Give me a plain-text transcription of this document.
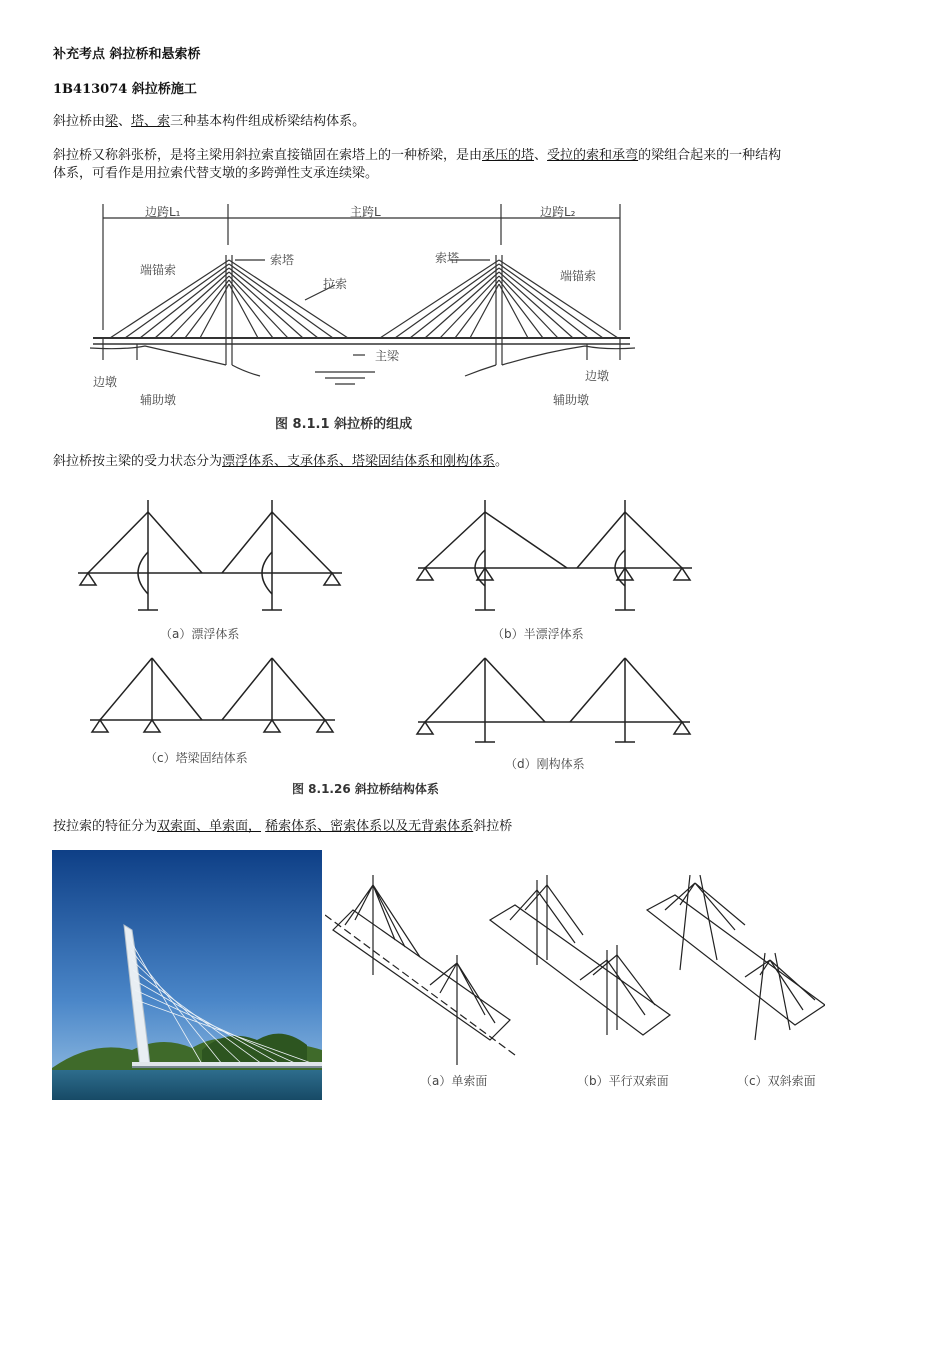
补充考点 斜拉桥和悬索桥
1B413074 斜拉桥施工
斜拉桥由梁、塔、索三种基本构件组成桥梁结构体系。
斜拉桥又称斜张桥，是将主梁用斜拉索直接锚固在索塔上的一种桥梁，是由承压的塔、受拉的索和承弯的梁组合起来的一种结构
体系，可看作是用拉索代替支墩的多跨弹性支承连续梁。
边跨L₁	主跨L	边跨L₂
索塔	索塔
端锚索	端锚索
拉索
主梁
边墩	边墩
辅助墩	辅助墩
图 8.1.1 斜拉桥的组成
斜拉桥按主梁的受力状态分为漂浮体系、支承体系、塔梁固结体系和刚构体系。
（a）漂浮体系	（b）半漂浮体系
（c）塔梁固结体系	（d）刚构体系
图 8.1.26 斜拉桥结构体系
按拉索的特征分为双索面、单索面， 稀索体系、密索体系以及无背索体系斜拉桥
（a）单索面	（b）平行双索面	（c）双斜索面
